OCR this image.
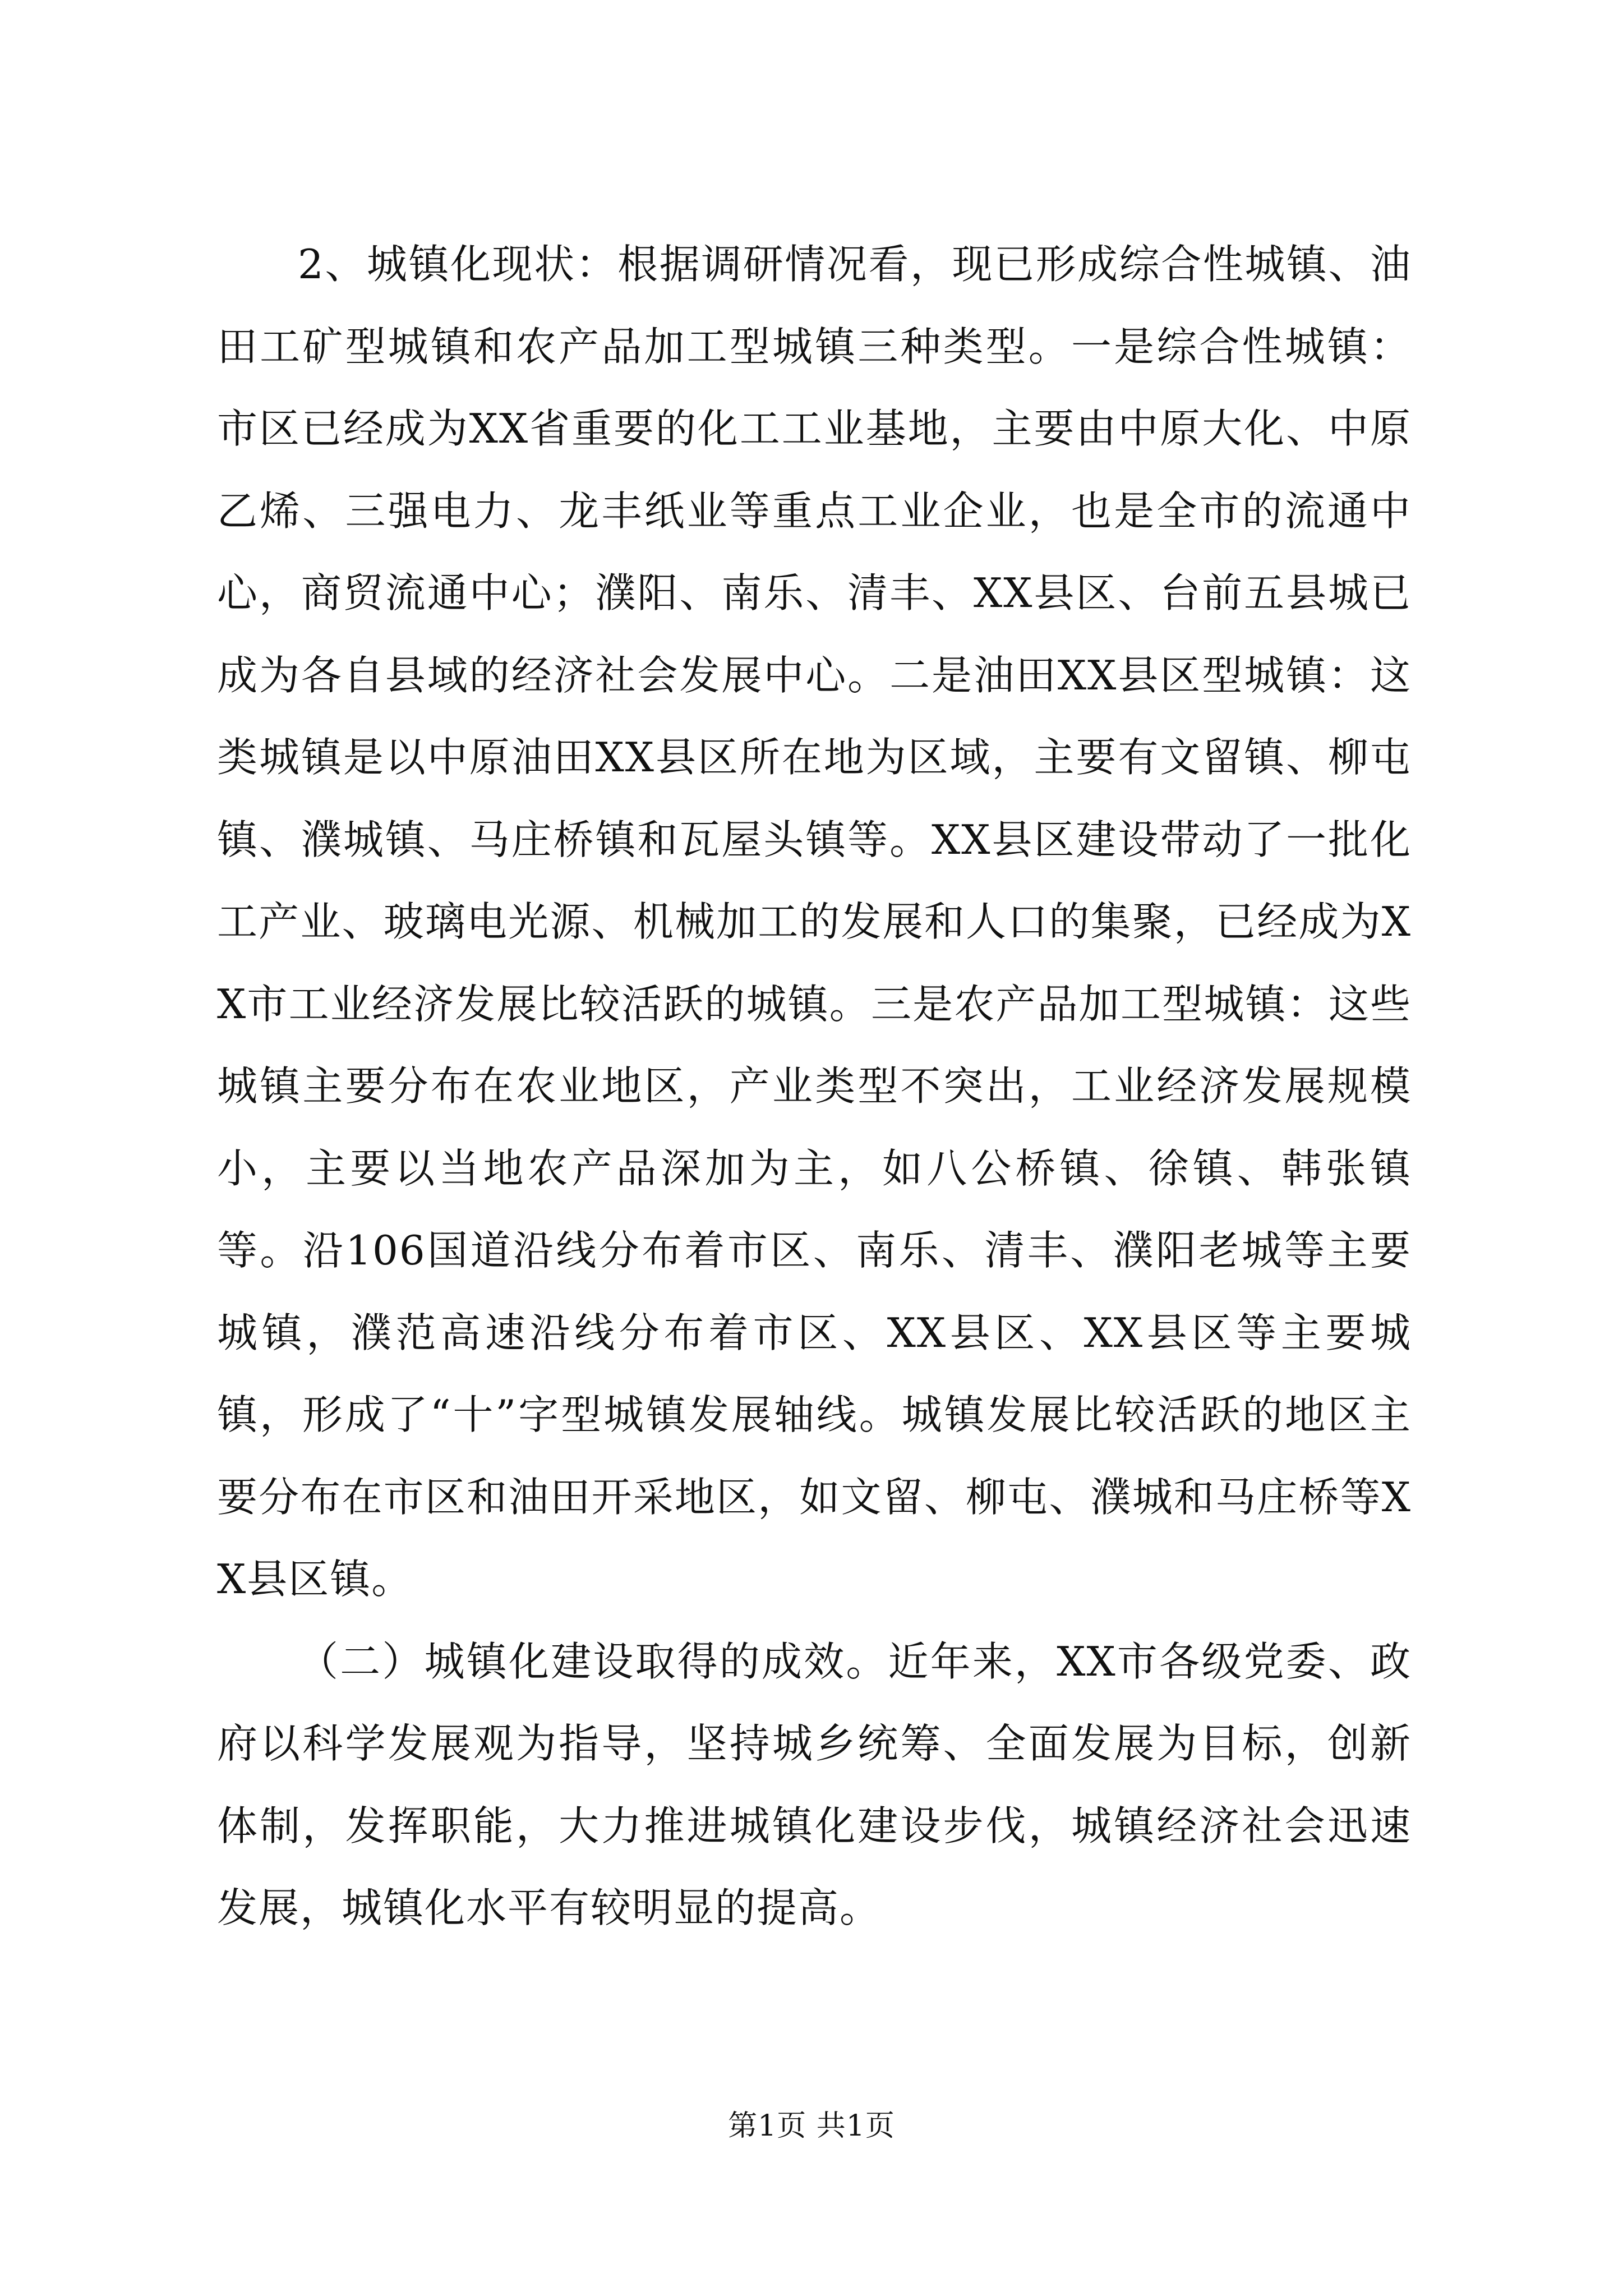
2、城镇化现状：根据调研情况看，现已形成综合性城镇、油田工矿型城镇和农产品加工型城镇三种类型。一是综合性城镇：市区已经成为XX省重要的化工工业基地，主要由中原大化、中原乙烯、三强电力、龙丰纸业等重点工业企业，也是全市的流通中心，商贸流通中心；濮阳、南乐、清丰、XX县区、台前五县城已成为各自县域的经济社会发展中心。二是油田XX县区型城镇：这类城镇是以中原油田XX县区所在地为区域，主要有文留镇、柳屯镇、濮城镇、马庄桥镇和瓦屋头镇等。XX县区建设带动了一批化工产业、玻璃电光源、机械加工的发展和人口的集聚，已经成为XX市工业经济发展比较活跃的城镇。三是农产品加工型城镇：这些城镇主要分布在农业地区，产业类型不突出，工业经济发展规模小，主要以当地农产品深加为主，如八公桥镇、徐镇、韩张镇等。沿106国道沿线分布着市区、南乐、清丰、濮阳老城等主要城镇，濮范高速沿线分布着市区、XX县区、XX县区等主要城镇，形成了“十”字型城镇发展轴线。城镇发展比较活跃的地区主要分布在市区和油田开采地区，如文留、柳屯、濮城和马庄桥等XX县区镇。

（二）城镇化建设取得的成效。近年来，XX市各级党委、政府以科学发展观为指导，坚持城乡统筹、全面发展为目标，创新体制，发挥职能，大力推进城镇化建设步伐，城镇经济社会迅速发展，城镇化水平有较明显的提高。

第1页 共1页
